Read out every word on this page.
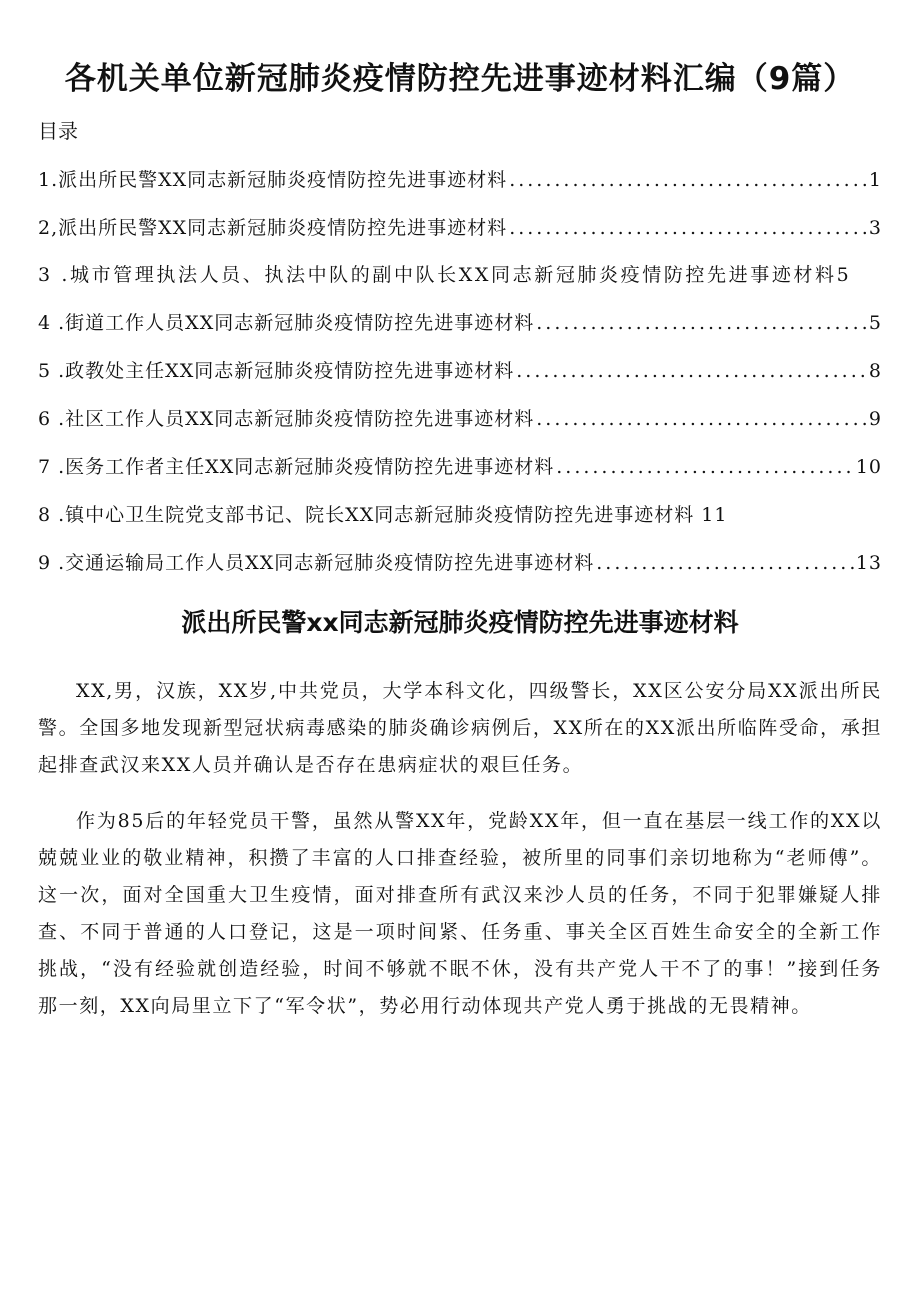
各机关单位新冠肺炎疫情防控先进事迹材料汇编（9篇）
目录
1.派出所民警XX同志新冠肺炎疫情防控先进事迹材料 .....	1
2,派出所民警XX同志新冠肺炎疫情防控先进事迹材料 .....	3
3 .城市管理执法人员、执法中队的副中队长XX同志新冠肺炎疫情防控先进事迹材料5
4 .街道工作人员XX同志新冠肺炎疫情防控先进事迹材料 .....	5
5 .政教处主任XX同志新冠肺炎疫情防控先进事迹材料 .....	8
6 .社区工作人员XX同志新冠肺炎疫情防控先进事迹材料 .....	9
7 .医务工作者主任XX同志新冠肺炎疫情防控先进事迹材料 .....	10
8 .镇中心卫生院党支部书记、院长XX同志新冠肺炎疫情防控先进事迹材料 11
9 .交通运输局工作人员XX同志新冠肺炎疫情防控先进事迹材料 .....	13
派出所民警xx同志新冠肺炎疫情防控先进事迹材料

XX,男，汉族，XX岁,中共党员，大学本科文化，四级警长，XX区公安分局XX派出所民警。全国多地发现新型冠状病毒感染的肺炎确诊病例后，XX所在的XX派出所临阵受命，承担起排查武汉来XX人员并确认是否存在患病症状的艰巨任务。

作为85后的年轻党员干警，虽然从警XX年，党龄XX年，但一直在基层一线工作的XX以兢兢业业的敬业精神，积攒了丰富的人口排查经验，被所里的同事们亲切地称为“老师傅”。这一次，面对全国重大卫生疫情，面对排查所有武汉来沙人员的任务，不同于犯罪嫌疑人排查、不同于普通的人口登记，这是一项时间紧、任务重、事关全区百姓生命安全的全新工作挑战，“没有经验就创造经验，时间不够就不眠不休，没有共产党人干不了的事！”接到任务那一刻，XX向局里立下了“军令状”，势必用行动体现共产党人勇于挑战的无畏精神。
